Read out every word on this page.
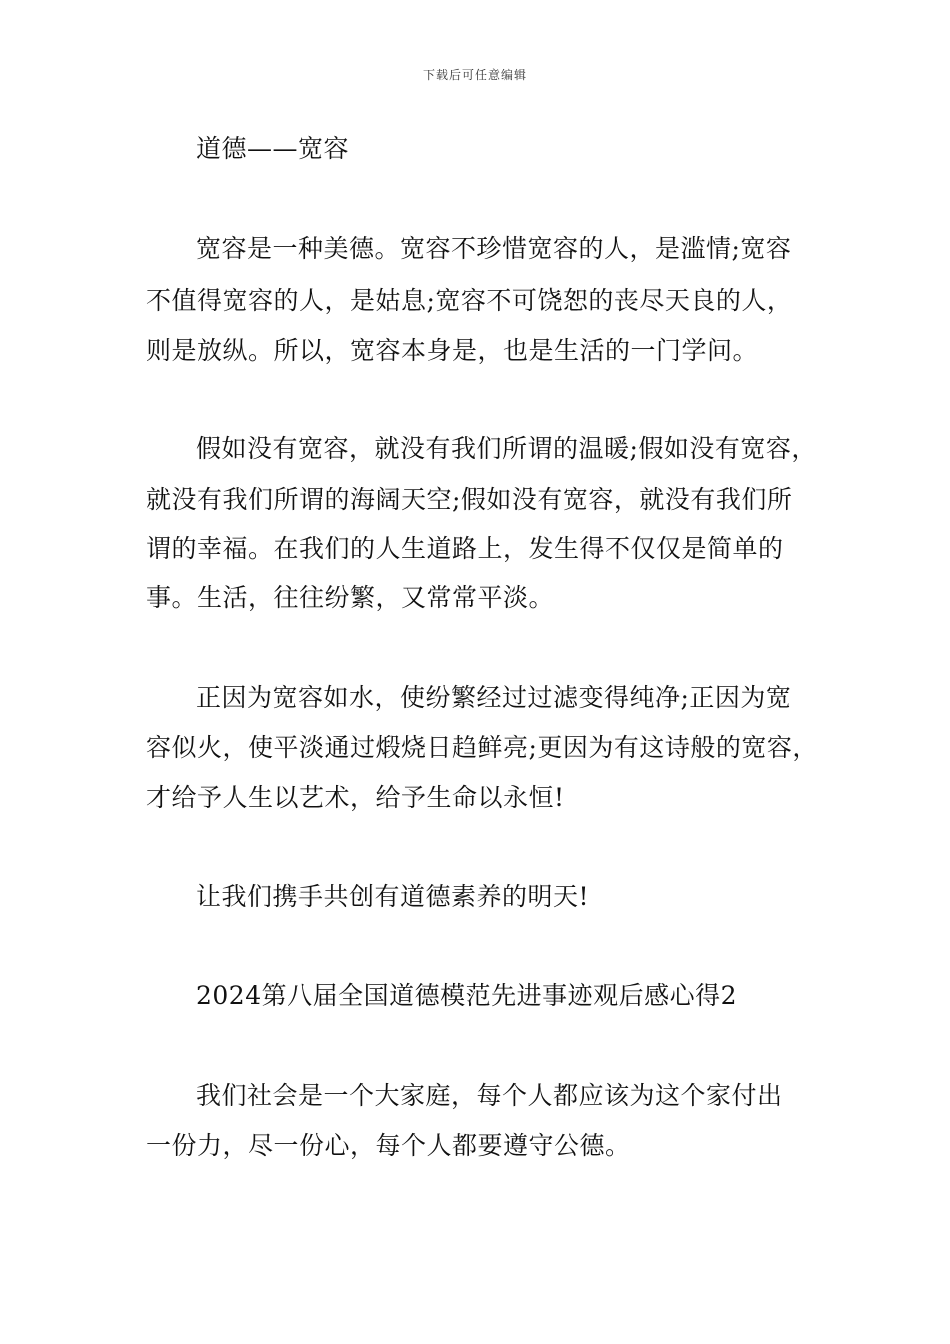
下载后可任意编辑
道德——宽容
宽容是一种美德。宽容不珍惜宽容的人，是滥情;宽容
不值得宽容的人，是姑息;宽容不可饶恕的丧尽天良的人，
则是放纵。所以，宽容本身是，也是生活的一门学问。
假如没有宽容，就没有我们所谓的温暖;假如没有宽容，
就没有我们所谓的海阔天空;假如没有宽容，就没有我们所
谓的幸福。在我们的人生道路上，发生得不仅仅是简单的
事。生活，往往纷繁，又常常平淡。
正因为宽容如水，使纷繁经过过滤变得纯净;正因为宽
容似火，使平淡通过煅烧日趋鲜亮;更因为有这诗般的宽容，
才给予人生以艺术，给予生命以永恒!
让我们携手共创有道德素养的明天!
2024第八届全国道德模范先进事迹观后感心得2
我们社会是一个大家庭，每个人都应该为这个家付出
一份力，尽一份心，每个人都要遵守公德。
